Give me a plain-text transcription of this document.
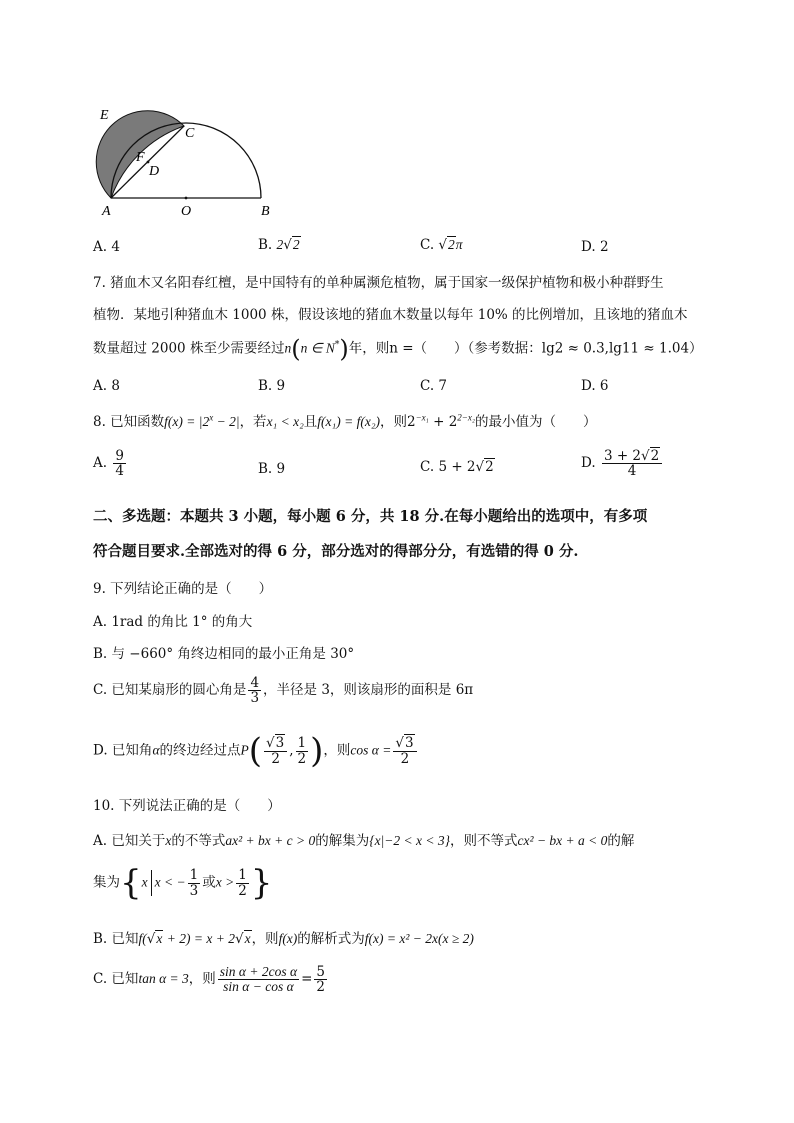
E
C
F
D
A	O	B
A. 4	B. 2√2	C. √2π	D. 2
7. 猪血木又名阳春红檀，是中国特有的单种属濒危植物，属于国家一级保护植物和极小种群野生
植物．某地引种猪血木 1000 株，假设该地的猪血木数量以每年 10% 的比例增加，且该地的猪血木
数量超过 2000 株至少需要经过n(n ∈ N*)年，则n =（　　）（参考数据：lg2 ≈ 0.3,lg11 ≈ 1.04）
A. 8	B. 9	C. 7	D. 6
8. 已知函数$f(x) = |2^x - 2|$，若x₁ < x₂且f(x₁) = f(x₂)，则$2^{-x_1} + 2^{2-x_2}$的最小值为（　　）
A. $\frac{9}{4}$	B. 9	C. 5 + 2√2	D. $\frac{3 + 2√2}{4}$
二、多选题：本题共 3 小题，每小题 6 分，共 18 分.在每小题给出的选项中，有多项
符合题目要求.全部选对的得 6 分，部分选对的得部分分，有选错的得 0 分.
9. 下列结论正确的是（　　）
A. 1rad 的角比 1° 的角大
B. 与 −660° 角终边相同的最小正角是 30°
C. 已知某扇形的圆心角是 $\frac{4}{3}$ ，半径是 3，则该扇形的面积是 6π
D. 已知角α的终边经过点$P( \frac{√3}{2}$ , $\frac{1}{2}$ )，则$\cos \alpha = \frac{√3}{2}$
10. 下列说法正确的是（　　）
A. 已知关于x的不等式ax² + bx + c > 0的解集为{x|−2 < x < 3}，则不等式cx² − bx + a < 0的解
集为{x x < − $\frac{1}{3}$ 或$x > \frac{1}{2}$ }
B. 已知f(√x + 2) = x + 2√x，则f(x)的解析式为f(x) = x² − 2x(x ≥ 2)
C. 已知tan α = 3，则 $\frac{\text{sin α + 2cos α}}{\text{sin α − cos α}} = \frac{5}{2}$
